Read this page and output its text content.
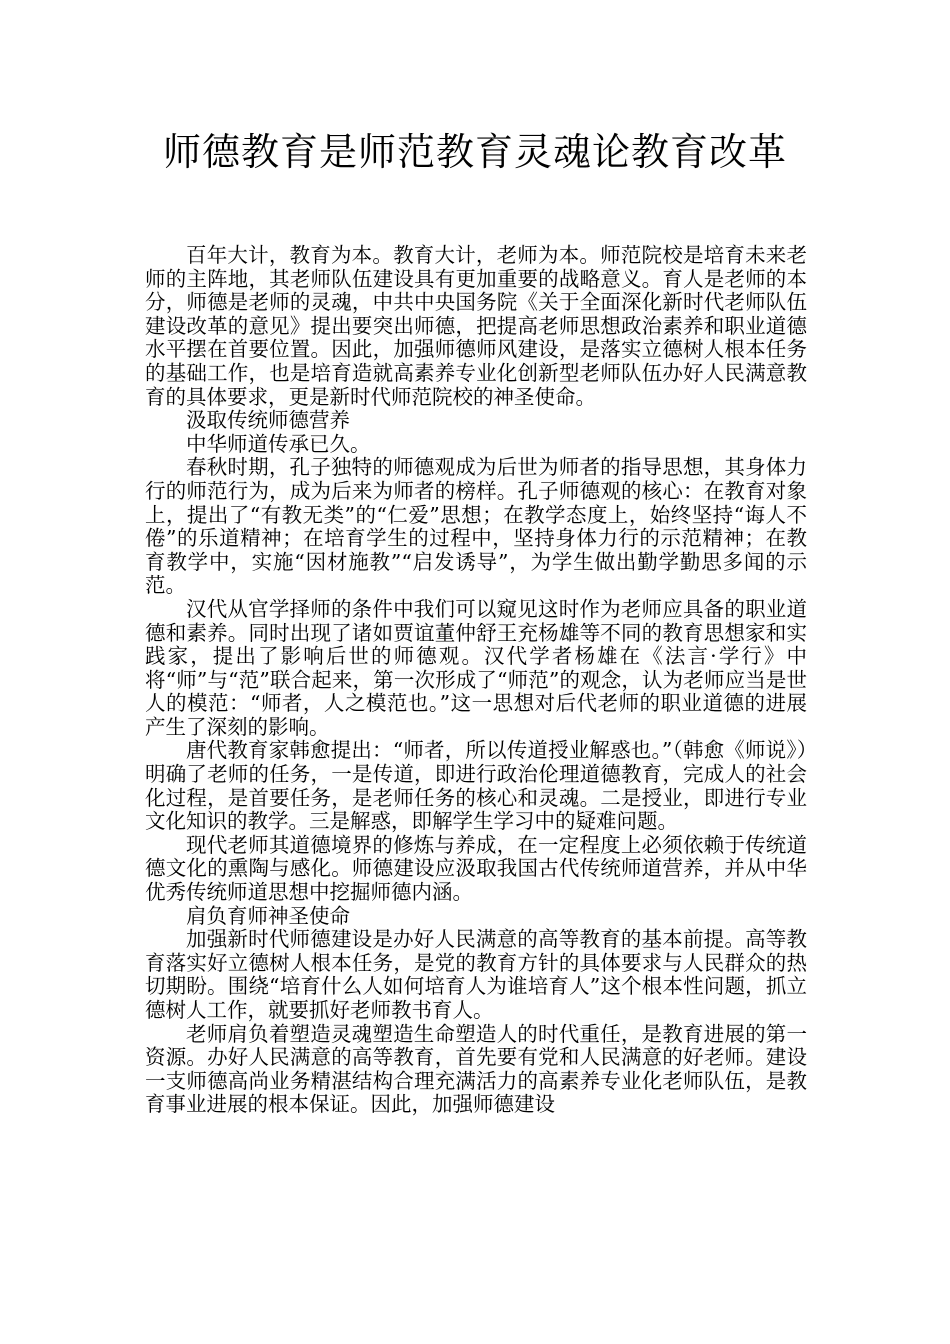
师德教育是师范教育灵魂论教育改革

百年大计，教育为本。教育大计，老师为本。师范院校是培育未来老师的主阵地，其老师队伍建设具有更加重要的战略意义。育人是老师的本分，师德是老师的灵魂，中共中央国务院《关于全面深化新时代老师队伍建设改革的意见》提出要突出师德，把提高老师思想政治素养和职业道德水平摆在首要位置。因此，加强师德师风建设，是落实立德树人根本任务的基础工作，也是培育造就高素养专业化创新型老师队伍办好人民满意教育的具体要求，更是新时代师范院校的神圣使命。

汲取传统师德营养

中华师道传承已久。

春秋时期，孔子独特的师德观成为后世为师者的指导思想，其身体力行的师范行为，成为后来为师者的榜样。孔子师德观的核心：在教育对象上，提出了“有教无类”的“仁爱”思想；在教学态度上，始终坚持“诲人不倦”的乐道精神；在培育学生的过程中，坚持身体力行的示范精神；在教育教学中，实施“因材施教”“启发诱导”，为学生做出勤学勤思多闻的示范。

汉代从官学择师的条件中我们可以窥见这时作为老师应具备的职业道德和素养。同时出现了诸如贾谊董仲舒王充杨雄等不同的教育思想家和实践家，提出了影响后世的师德观。汉代学者杨雄在《法言·学行》中将“师”与“范”联合起来，第一次形成了“师范”的观念，认为老师应当是世人的模范：“师者，人之模范也。”这一思想对后代老师的职业道德的进展产生了深刻的影响。

唐代教育家韩愈提出：“师者，所以传道授业解惑也。”（韩愈《师说》）明确了老师的任务，一是传道，即进行政治伦理道德教育，完成人的社会化过程，是首要任务，是老师任务的核心和灵魂。二是授业，即进行专业文化知识的教学。三是解惑，即解学生学习中的疑难问题。

现代老师其道德境界的修炼与养成，在一定程度上必须依赖于传统道德文化的熏陶与感化。师德建设应汲取我国古代传统师道营养，并从中华优秀传统师道思想中挖掘师德内涵。

肩负育师神圣使命

加强新时代师德建设是办好人民满意的高等教育的基本前提。高等教育落实好立德树人根本任务，是党的教育方针的具体要求与人民群众的热切期盼。围绕“培育什么人如何培育人为谁培育人”这个根本性问题，抓立德树人工作，就要抓好老师教书育人。

老师肩负着塑造灵魂塑造生命塑造人的时代重任，是教育进展的第一资源。办好人民满意的高等教育，首先要有党和人民满意的好老师。建设一支师德高尚业务精湛结构合理充满活力的高素养专业化老师队伍，是教育事业进展的根本保证。因此，加强师德建设
